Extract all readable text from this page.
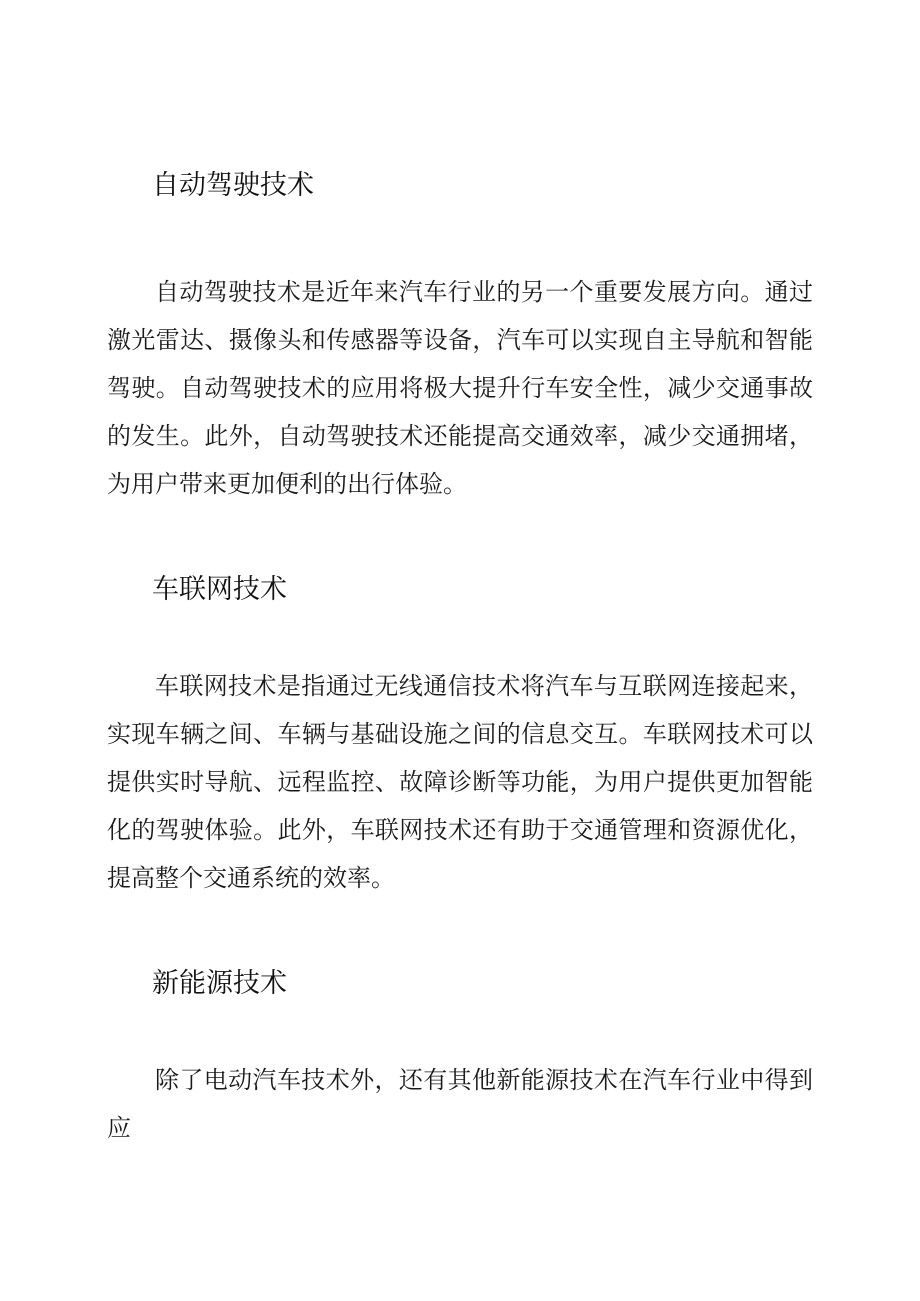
自动驾驶技术

自动驾驶技术是近年来汽车行业的另一个重要发展方向。通过激光雷达、摄像头和传感器等设备，汽车可以实现自主导航和智能驾驶。自动驾驶技术的应用将极大提升行车安全性，减少交通事故的发生。此外，自动驾驶技术还能提高交通效率，减少交通拥堵，为用户带来更加便利的出行体验。

车联网技术

车联网技术是指通过无线通信技术将汽车与互联网连接起来，实现车辆之间、车辆与基础设施之间的信息交互。车联网技术可以提供实时导航、远程监控、故障诊断等功能，为用户提供更加智能化的驾驶体验。此外，车联网技术还有助于交通管理和资源优化，提高整个交通系统的效率。

新能源技术

除了电动汽车技术外，还有其他新能源技术在汽车行业中得到应
